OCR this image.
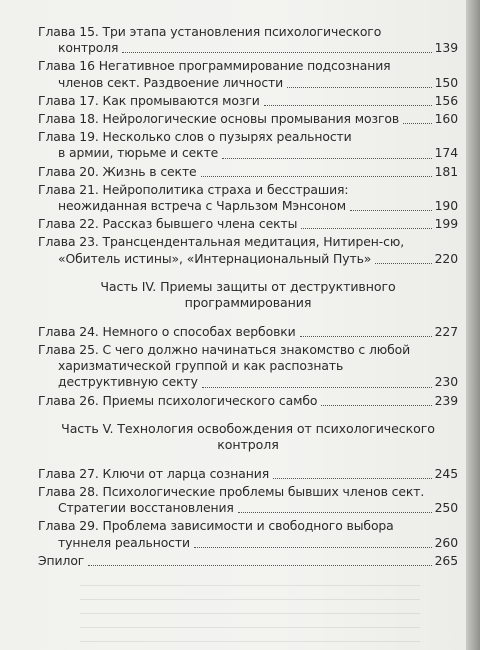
Глава 15. Три этапа установления психологического
контроля	139
Глава 16 Негативное программирование подсознания
членов сект. Раздвоение личности	150
Глава 17. Как промываются мозги	156
Глава 18. Нейрологические основы промывания мозгов	160
Глава 19. Несколько слов о пузырях реальности
в армии, тюрьме и секте	174
Глава 20. Жизнь в секте	181
Глава 21. Нейрополитика страха и бесстрашия:
неожиданная встреча с Чарльзом Мэнсоном	190
Глава 22. Рассказ бывшего члена секты	199
Глава 23. Трансцендентальная медитация, Нитирен-сю,
«Обитель истины», «Интернациональный Путь»	220
Часть IV. Приемы защиты от деструктивного
программирования
Глава 24. Немного о способах вербовки	227
Глава 25. С чего должно начинаться знакомство с любой
харизматической группой и как распознать
деструктивную секту	230
Глава 26. Приемы психологического самбо	239
Часть V. Технология освобождения от психологического
контроля
Глава 27. Ключи от ларца сознания	245
Глава 28. Психологические проблемы бывших членов сект.
Стратегии восстановления	250
Глава 29. Проблема зависимости и свободного выбора
туннеля реальности	260
Эпилог	265
